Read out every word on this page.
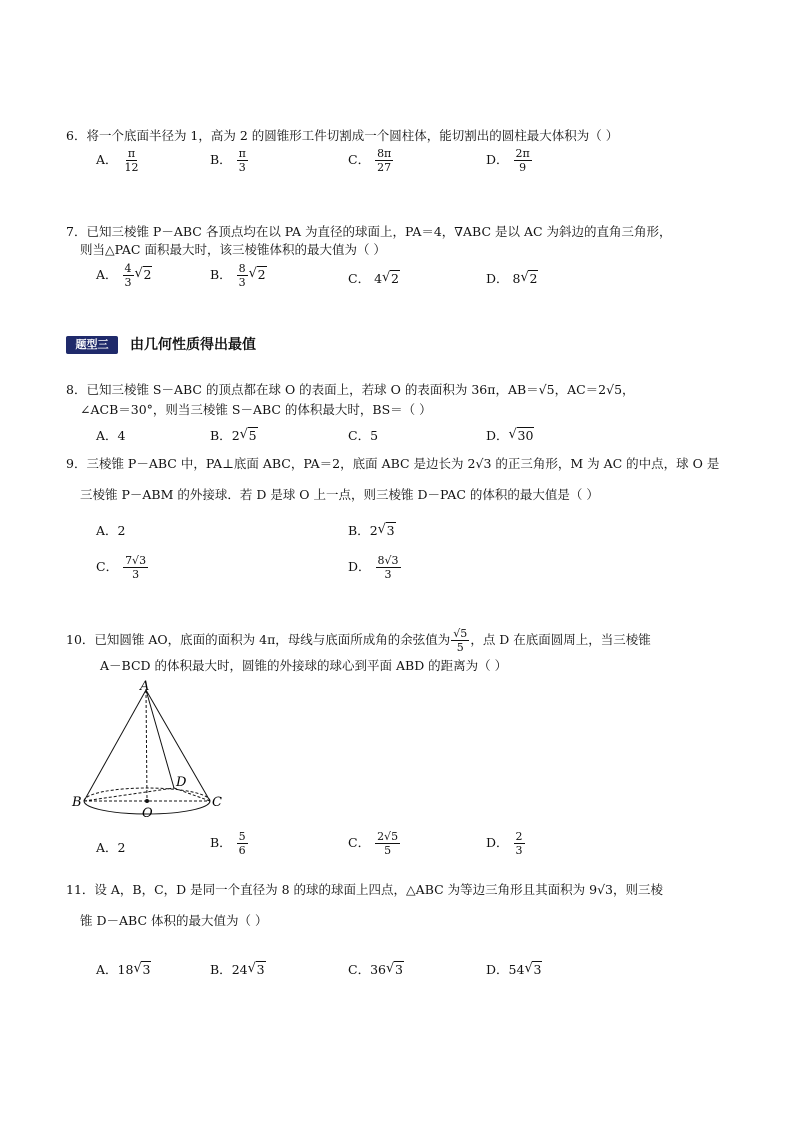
6．将一个底面半径为 1，高为 2 的圆锥形工件切割成一个圆柱体，能切割出的圆柱最大体积为（ ）
A． $\frac{\pi}{12}$	B． $\frac{\pi}{3}$	C． $\frac{8\pi}{27}$	D． $\frac{2\pi}{9}$
7．已知三棱锥 P－ABC 各顶点均在以 PA 为直径的球面上，PA＝4，∇ABC 是以 AC 为斜边的直角三角形，
则当△PAC 面积最大时，该三棱锥体积的最大值为（ ）
A． $\frac{4}{3}$ √ 2	B． $\frac{8}{3}$ √ 2	C． 4 √ 2	D． 8 √ 2
题型三	由几何性质得出最值
8．已知三棱锥 S－ABC 的顶点都在球 O 的表面上，若球 O 的表面积为 36π，AB＝√5，AC＝2√5，
∠ACB＝30°，则当三棱锥 S－ABC 的体积最大时，BS＝（ ）
A．4	B．2 √ 5	C．5	D． √ 30
9．三棱锥 P－ABC 中，PA⊥底面 ABC，PA＝2，底面 ABC 是边长为 2√3 的正三角形，M 为 AC 的中点，球 O 是
三棱锥 P－ABM 的外接球．若 D 是球 O 上一点，则三棱锥 D－PAC 的体积的最大值是（ ）
A．2	B．2 √ 3
C． $\frac{7√3}{3}$	D． $\frac{8√3}{3}$
10．已知圆锥 AO，底面的面积为 4π，母线与底面所成角的余弦值为 $\frac{√5}{5}$ ，点 D 在底面圆周上，当三棱锥
A－BCD 的体积最大时，圆锥的外接球的球心到平面 ABD 的距离为（ ）
A
B	C
D
O
A．2	B． $\frac{5}{6}$	C． $\frac{2√5}{5}$	D． $\frac{2}{3}$
11．设 A，B，C，D 是同一个直径为 8 的球的球面上四点，△ABC 为等边三角形且其面积为 9√3，则三棱
锥 D－ABC 体积的最大值为（ ）
A．18 √ 3	B．24 √ 3	C．36 √ 3	D．54 √ 3
